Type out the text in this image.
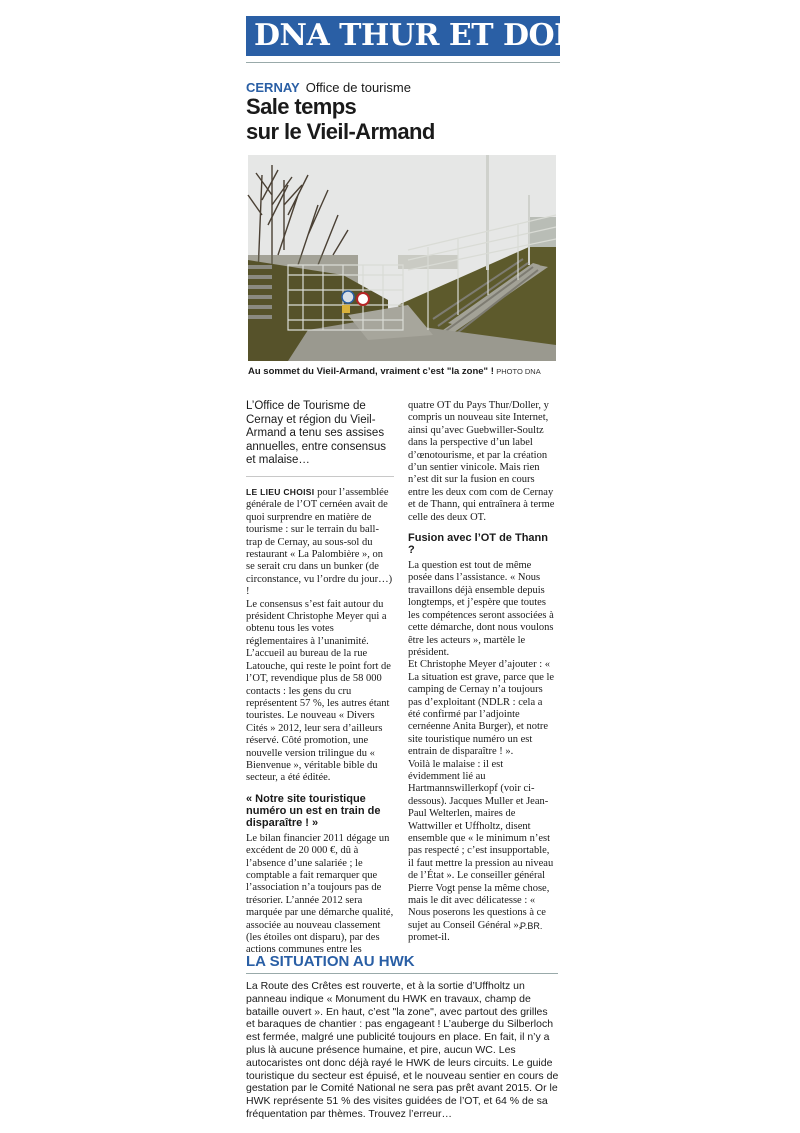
DNA THUR ET DOLLER
CERNAY Office de tourisme
Sale temps
sur le Vieil-Armand
Au sommet du Vieil-Armand, vraiment c’est "la zone" ! PHOTO DNA
L’Office de Tourisme de Cernay et région du Vieil-Armand a tenu ses assises annuelles, entre consensus et malaise…

LE LIEU CHOISI pour l’assemblée générale de l’OT cernéen avait de quoi surprendre en matière de tourisme : sur le terrain du ball-trap de Cernay, au sous-sol du restaurant « La Palombière », on se serait cru dans un bunker (de circonstance, vu l’ordre du jour…) !

Le consensus s’est fait autour du président Christophe Meyer qui a obtenu tous les votes réglementaires à l’unanimité. L’accueil au bureau de la rue Latouche, qui reste le point fort de l’OT, revendique plus de 58 000 contacts : les gens du cru représentent 57 %, les autres étant touristes. Le nouveau « Divers Cités » 2012, leur sera d’ailleurs réservé. Côté promotion, une nouvelle version trilingue du « Bienvenue », véritable bible du secteur, a été éditée.

« Notre site touristique numéro un est en train de disparaître ! »

Le bilan financier 2011 dégage un excédent de 20 000 €, dû à l’absence d’une salariée ; le comptable a fait remarquer que l’association n’a toujours pas de trésorier. L’année 2012 sera marquée par une démarche qualité, associée au nouveau classement (les étoiles ont disparu), par des actions communes entre les

quatre OT du Pays Thur/Doller, y compris un nouveau site Internet, ainsi qu’avec Guebwiller-Soultz dans la perspective d’un label d’œnotourisme, et par la création d’un sentier vinicole. Mais rien n’est dit sur la fusion en cours entre les deux com com de Cernay et de Thann, qui entraînera à terme celle des deux OT.

Fusion avec l’OT de Thann ?

La question est tout de même posée dans l’assistance. « Nous travaillons déjà ensemble depuis longtemps, et j’espère que toutes les compétences seront associées à cette démarche, dont nous voulons être les acteurs », martèle le président.

Et Christophe Meyer d’ajouter : « La situation est grave, parce que le camping de Cernay n’a toujours pas d’exploitant (NDLR : cela a été confirmé par l’adjointe cernéenne Anita Burger), et notre site touristique numéro un est entrain de disparaître ! ».

Voilà le malaise : il est évidemment lié au Hartmannswillerkopf (voir ci-dessous). Jacques Muller et Jean-Paul Welterlen, maires de Wattwiller et Uffholtz, disent ensemble que « le minimum n’est pas respecté ; c’est insupportable, il faut mettre la pression au niveau de l’État ». Le conseiller général Pierre Vogt pense la même chose, mais le dit avec délicatesse : « Nous poserons les questions à ce sujet au Conseil Général », promet-il.

P.BR.
LA SITUATION AU HWK
La Route des Crêtes est rouverte, et à la sortie d’Uffholtz un panneau indique « Monument du HWK en travaux, champ de bataille ouvert ». En haut, c’est "la zone", avec partout des grilles et baraques de chantier : pas engageant ! L’auberge du Silberloch est fermée, malgré une publicité toujours en place. En fait, il n’y a plus là aucune présence humaine, et pire, aucun WC. Les autocaristes ont donc déjà rayé le HWK de leurs circuits. Le guide touristique du secteur est épuisé, et le nouveau sentier en cours de gestation par le Comité National ne sera pas prêt avant 2015. Or le HWK représente 51 % des visites guidées de l’OT, et 64 % de sa fréquentation par thèmes. Trouvez l’erreur…
